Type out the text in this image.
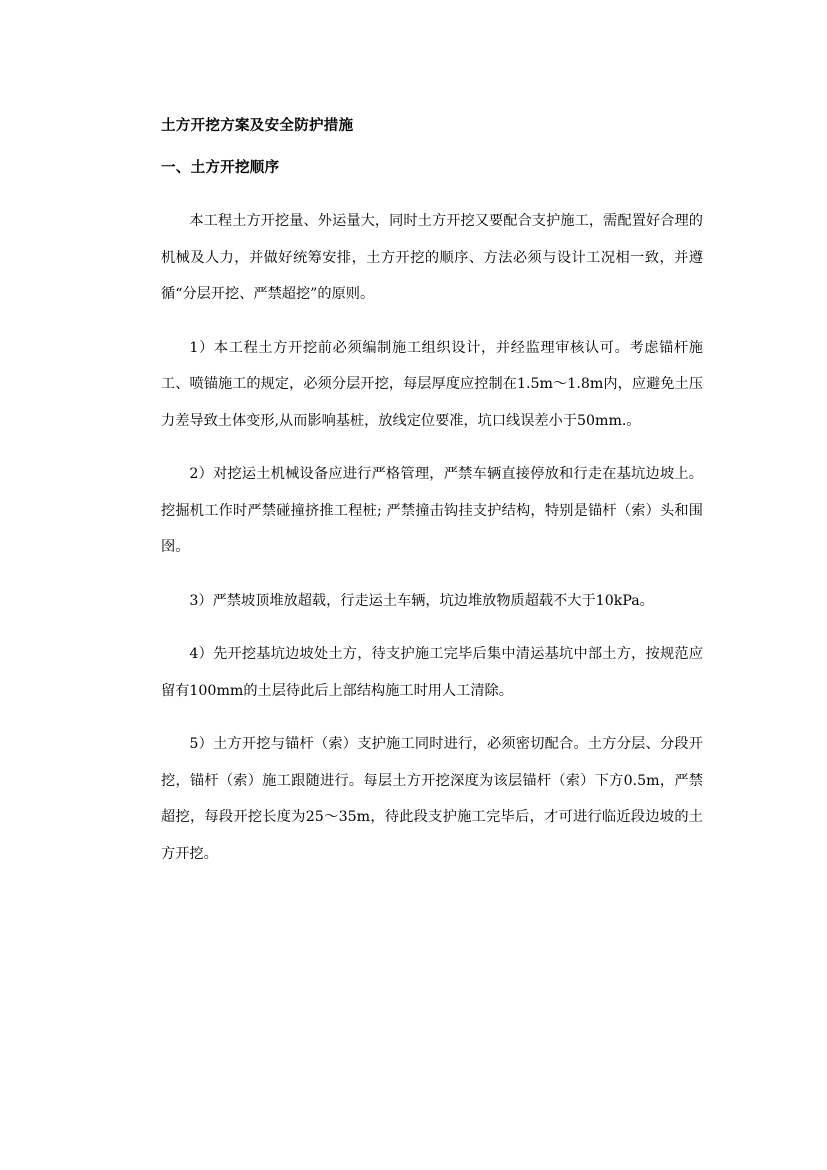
土方开挖方案及安全防护措施

一、土方开挖顺序

本工程土方开挖量、外运量大，同时土方开挖又要配合支护施工，需配置好合理的机械及人力，并做好统筹安排，土方开挖的顺序、方法必须与设计工况相一致，并遵循“分层开挖、严禁超挖”的原则。

1）本工程土方开挖前必须编制施工组织设计，并经监理审核认可。考虑锚杆施工、喷锚施工的规定，必须分层开挖，每层厚度应控制在1.5m～1.8m内，应避免土压力差导致土体变形,从而影响基桩，放线定位要准，坑口线误差小于50mm.。

2）对挖运土机械设备应进行严格管理，严禁车辆直接停放和行走在基坑边坡上。挖掘机工作时严禁碰撞挤推工程桩; 严禁撞击钩挂支护结构，特别是锚杆（索）头和围囹。

3）严禁坡顶堆放超载，行走运土车辆，坑边堆放物质超载不大于10kPa。

4）先开挖基坑边坡处土方，待支护施工完毕后集中清运基坑中部土方，按规范应留有100mm的土层待此后上部结构施工时用人工清除。

5）土方开挖与锚杆（索）支护施工同时进行，必须密切配合。土方分层、分段开挖，锚杆（索）施工跟随进行。每层土方开挖深度为该层锚杆（索）下方0.5m，严禁超挖，每段开挖长度为25～35m，待此段支护施工完毕后，才可进行临近段边坡的土方开挖。
